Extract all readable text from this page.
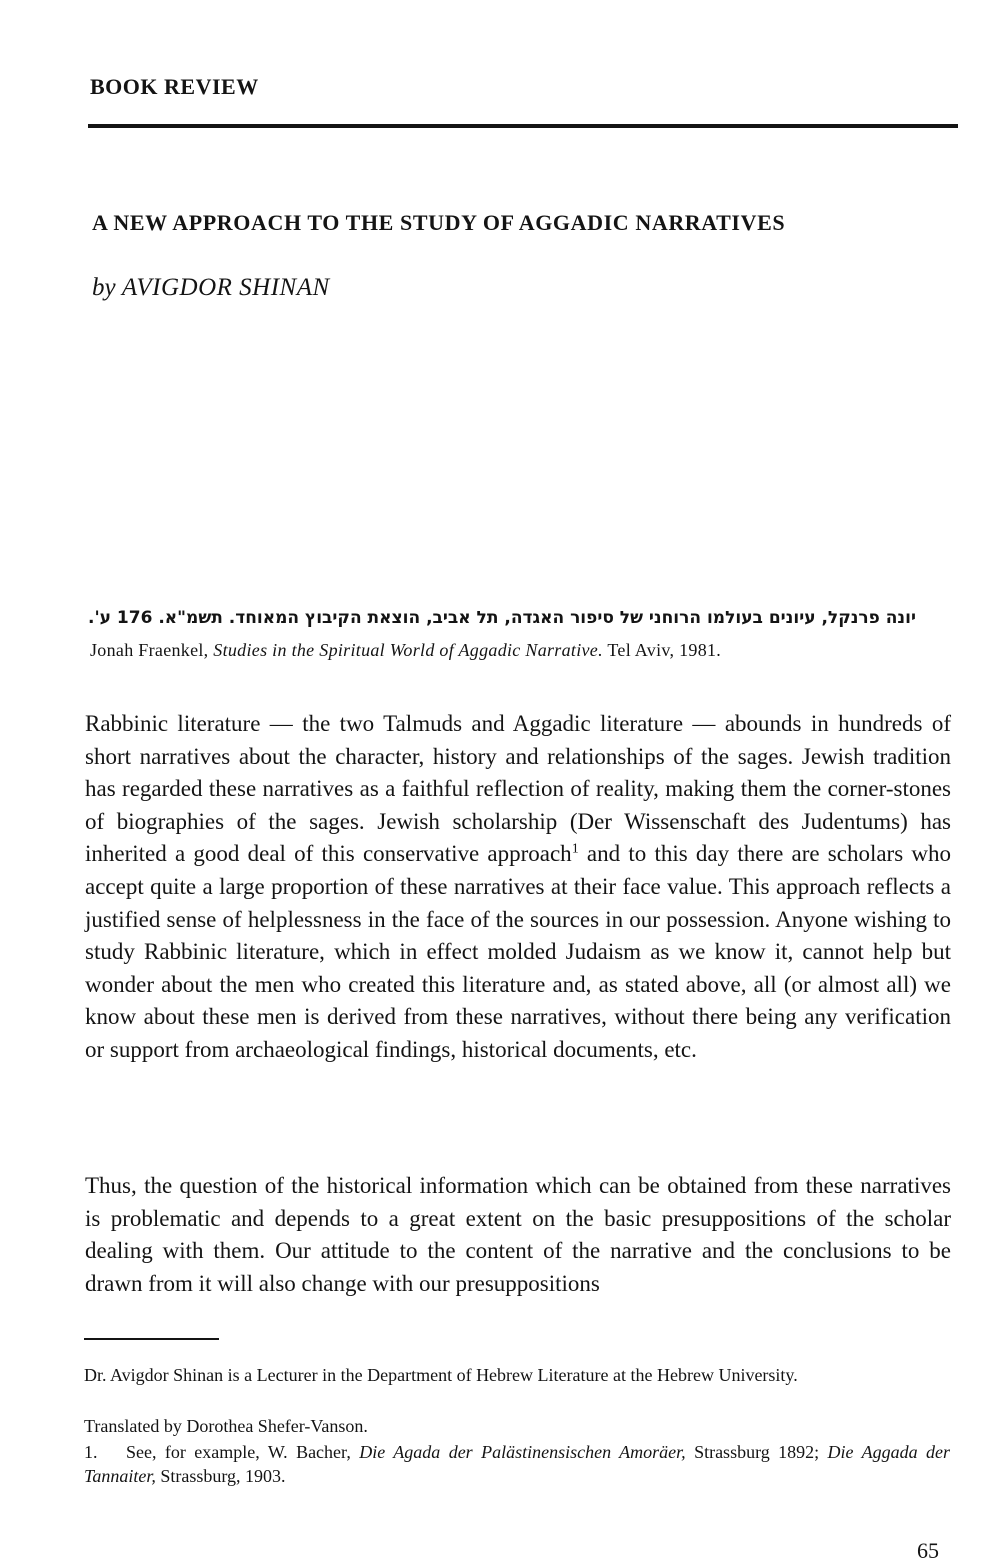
BOOK REVIEW
A NEW APPROACH TO THE STUDY OF AGGADIC NARRATIVES
by AVIGDOR SHINAN
יונה פרנקל, עיונים בעולמו הרוחני של סיפור האגדה, תל אביב, הוצאת הקיבוץ המאוחד. תשמ"א. 176 ע'.
Jonah Fraenkel, Studies in the Spiritual World of Aggadic Narrative. Tel Aviv, 1981.
Rabbinic literature — the two Talmuds and Aggadic literature — abounds in hundreds of short narratives about the character, history and relationships of the sages. Jewish tradition has regarded these narratives as a faithful reflection of reality, making them the corner-stones of biographies of the sages. Jewish scholarship (Der Wissenschaft des Judentums) has inherited a good deal of this conservative approach$^1$ and to this day there are scholars who accept quite a large proportion of these narratives at their face value. This approach reflects a justified sense of helplessness in the face of the sources in our possession. Anyone wishing to study Rabbinic literature, which in effect molded Judaism as we know it, cannot help but wonder about the men who created this literature and, as stated above, all (or almost all) we know about these men is derived from these narratives, without there being any verification or support from archaeological findings, historical documents, etc.
Thus, the question of the historical information which can be obtained from these narratives is problematic and depends to a great extent on the basic presuppositions of the scholar dealing with them. Our attitude to the content of the narrative and the conclusions to be drawn from it will also change with our presuppositions
Dr. Avigdor Shinan is a Lecturer in the Department of Hebrew Literature at the Hebrew University.
Translated by Dorothea Shefer-Vanson.
1. See, for example, W. Bacher, Die Agada der Palästinensischen Amoräer, Strassburg 1892; Die Aggada der Tannaiter, Strassburg, 1903.
65
